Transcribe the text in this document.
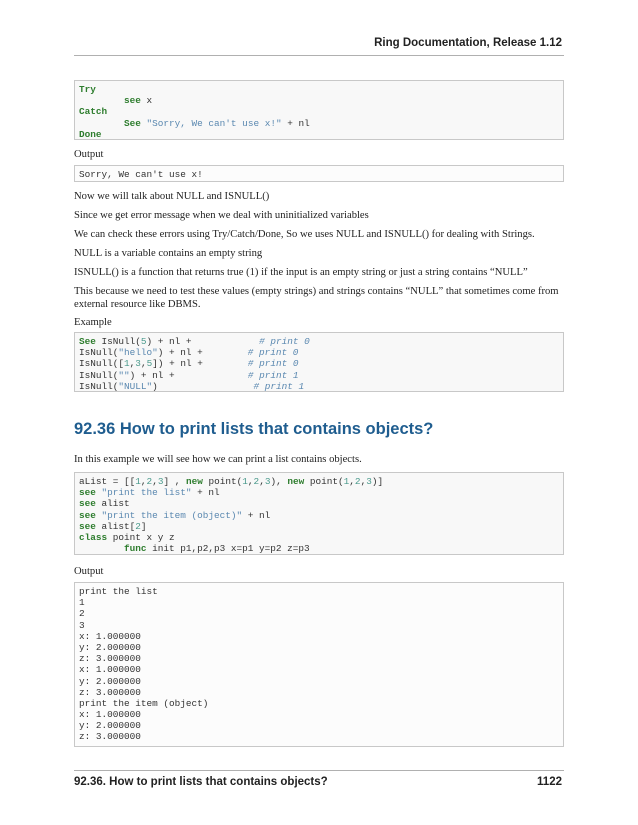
Ring Documentation, Release 1.12
Try
see x
Catch
See "Sorry, We can't use x!" + nl
Done
Output
Sorry, We can't use x!
Now we will talk about NULL and ISNULL()
Since we get error message when we deal with uninitialized variables
We can check these errors using Try/Catch/Done, So we uses NULL and ISNULL() for dealing with Strings.
NULL is a variable contains an empty string
ISNULL() is a function that returns true (1) if the input is an empty string or just a string contains “NULL”
This because we need to test these values (empty strings) and strings contains “NULL” that sometimes come from external resource like DBMS.
Example
See IsNull(5) + nl +            # print 0
IsNull("hello") + nl +        # print 0
IsNull([1,3,5]) + nl +        # print 0
IsNull("") + nl +             # print 1
IsNull("NULL")                 # print 1
92.36 How to print lists that contains objects?
In this example we will see how we can print a list contains objects.
aList = [[1,2,3] , new point(1,2,3), new point(1,2,3)]
see "print the list" + nl
see alist
see "print the item (object)" + nl
see alist[2]
class point x y z
func init p1,p2,p3 x=p1 y=p2 z=p3
Output
print the list
1
2
3
x: 1.000000
y: 2.000000
z: 3.000000
x: 1.000000
y: 2.000000
z: 3.000000
print the item (object)
x: 1.000000
y: 2.000000
z: 3.000000
92.36. How to print lists that contains objects?	1122
